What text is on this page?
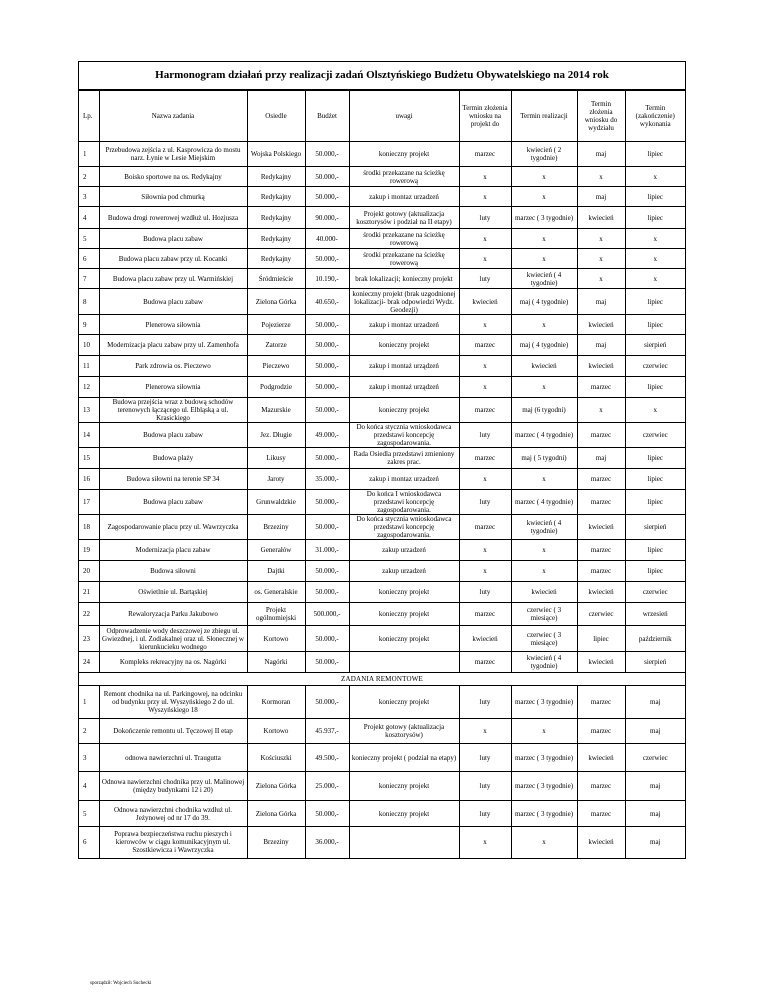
Harmonogram działań przy realizacji zadań Olsztyńskiego Budżetu Obywatelskiego na 2014 rok
Lp.	Nazwa zadania	Osiedle	Budżet	uwagi	Termin złożenia wniosku na projekt do	Termin realizacji	Termin złożenia wniosku do wydziału	Termin (zakończenie) wykonania
1	Przebudowa zejścia z ul. Kasprowicza do mostu narz. Łynie w Lesie Miejskim	Wojska Polskiego	50.000,-	konieczny projekt	marzec	kwiecień ( 2 tygodnie)	maj	lipiec
2	Boisko sportowe na os. Redykajny	Redykajny	50.000,-	środki przekazane na ścieżkę rowerową	x	x	x	x
3	Siłownia pod chmurką	Redykajny	50.000,-	zakup i montaz urzadzeń	x	x	maj	lipiec
4	Budowa drogi rowerowej wzdłuż ul. Hozjusza	Redykajny	90.000,-	Projekt gotowy (aktualizacja kosztorysów i podział na II etapy)	luty	marzec ( 3 tygodnie)	kwiecień	lipiec
5	Budowa placu zabaw	Redykajny	40.000-	środki przekazane na ścieżkę rowerową	x	x	x	x
6	Budowa placu zabaw przy ul. Kocanki	Redykajny	50.000,-	środki przekazane na ścieżkę rowerową	x	x	x	x
7	Budowa placu zabaw przy ul. Warmińskiej	Śródmieście	10.190,-	brak lokalizacji; konieczny projekt	luty	kwiecień ( 4 tygodnie)	x	x
8	Budowa placu zabaw	Zielona Górka	40.650,-	konieczny projekt (brak uzgodnionej lokalizacji- brak odpowiedzi Wydz. Geodezji)	kwiecień	maj ( 4 tygodnie)	maj	lipiec
9	Plenerowa siłownia	Pojezierze	50.000,-	zakup i montaz urzadzeń	x	x	kwiecień	lipiec
10	Modernizacja placu zabaw przy ul. Zamenhofa	Zatorze	50.000,-	konieczny projekt	marzec	maj ( 4 tygodnie)	maj	sierpień
11	Park zdrowia os. Pieczewo	Pieczewo	50.000,-	zakup i montaż urządzeń	x	kwiecień	kwiecień	czerwiec
12	Plenerowa siłownia	Podgrodzie	50.000,-	zakup i montaż urządzeń	x	x	marzec	lipiec
13	Budowa przejścia wraz z budową schodów terenowych łączącego ul. Elbląską a ul. Krasickiego	Mazurskie	50.000,-	konieczny projekt	marzec	maj (6 tygodni)	x	x
14	Budowa placu zabaw	Jez. Długie	49.000,-	Do końca stycznia wnioskodawca przedstawi koncepcję zagospodarowania.	luty	marzec ( 4 tygodnie)	marzec	czerwiec
15	Budowa plaży	Likusy	50.000,-	Rada Osiedla przedstawi zmieniony zakres prac.	marzec	maj ( 5 tygodni)	maj	lipiec
16	Budowa siłowni na terenie SP 34	Jaroty	35.000,-	zakup i montaz urzadzeń	x	x	marzec	lipiec
17	Budowa placu zabaw	Grunwaldzkie	50.000,-	Do końca I wnioskodawca przedstawi koncepcję zagospodarowania.	luty	marzec ( 4 tygodnie)	marzec	lipiec
18	Zagospodarowanie placu przy ul. Wawrzyczka	Brzeziny	50.000,-	Do końca stycznia wnioskodawca przedstawi koncepcję zagospodarowania.	marzec	kwiecień ( 4 tygodnie)	kwiecień	sierpień
19	Modernizacja placu zabaw	Generałów	31.000,-	zakup urzadzeń	x	x	marzec	lipiec
20	Budowa siłowni	Dajtki	50.000,-	zakup urzadzeń	x	x	marzec	lipiec
21	Oświetlnie ul. Bartąskiej	os. Generalskie	50.000,-	konieczny projekt	luty	kwiecień	kwiecień	czerwiec
22	Rewaloryzacja Parku Jakubowo	Projekt ogólnomiejski	500.000,-	konieczny projekt	marzec	czerwiec ( 3 miesiące)	czerwiec	wrzesień
23	Odprowadzenie wody deszczowej ze zbiegu ul. Gwiezdnej, i ul. Zodiakalnej oraz ul. Słonecznej w kierunkucieku wodnego	Kortowo	50.000,-	konieczny projekt	kwiecień	czerwiec ( 3 miesiące)	lipiec	październik
24	Kompleks rekreacyjny na os. Nagórki	Nagórki	50.000,-		marzec	kwiecień ( 4 tygodnie)	kwiecień	sierpień
ZADANIA REMONTOWE								
1	Remont chodnika na ul. Parkingowej, na odcinku od budynku przy ul. Wyszyńskiego 2 do ul. Wyszyńskiego 18	Kormoran	50.000,-	konieczny projekt	luty	marzec ( 3 tygodnie)	marzec	maj
2	Dokończenie remontu ul. Tęczowej II etap	Kortowo	45.937,-	Projekt gotowy (aktualizacja kosztorysów)	x	x	marzec	maj
3	odnowa nawierzchni ul. Traugutta	Kościuszki	49.500,-	konieczny projekt ( podział na etapy)	luty	marzec ( 3 tygodnie)	kwiecień	czerwiec
4	Odnowa nawierzchni chodnika przy ul. Malinowej (między budynkami 12 i 20)	Zielona Górka	25.000,-	konieczny projekt	luty	marzec ( 3 tygodnie)	marzec	maj
5	Odnowa nawierzchni chodnika wzdłuż ul. Jeżynowej od nr 17 do 39.	Zielona Górka	50.000,-	konieczny projekt	luty	marzec ( 3 tygodnie)	marzec	maj
6	Poprawa bezpieczeństwa ruchu pieszych i kierowców w ciągu komunikacyjnym ul. Szostkiewicza i Wawrzyczka	Brzeziny	36.000,-		x	x	kwiecień	maj
sporządził: Wojciech Suchecki
